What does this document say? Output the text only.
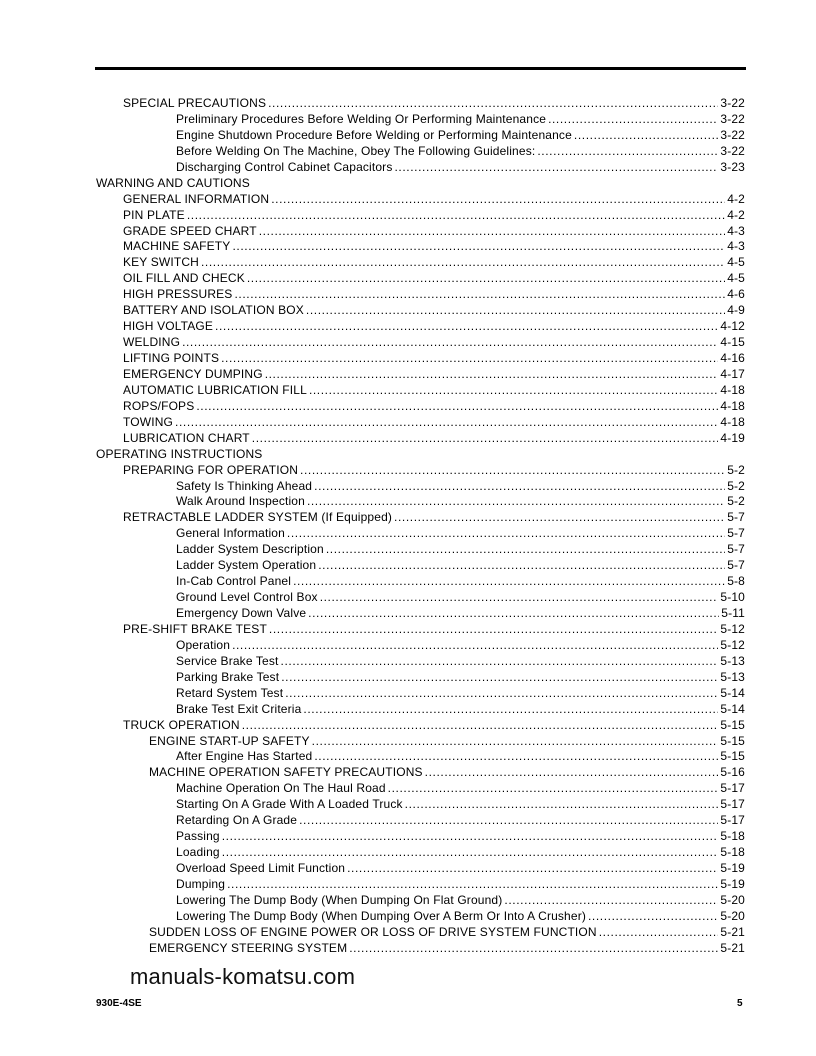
SPECIAL PRECAUTIONS .....	3-22
Preliminary Procedures Before Welding Or Performing Maintenance .....	3-22
Engine Shutdown Procedure Before Welding or Performing Maintenance .....	3-22
Before Welding On The Machine, Obey The Following Guidelines: .....	3-22
Discharging Control Cabinet Capacitors .....	3-23
WARNING AND CAUTIONS
GENERAL INFORMATION .....	4-2
PIN PLATE .....	4-2
GRADE SPEED CHART .....	4-3
MACHINE SAFETY .....	4-3
KEY SWITCH .....	4-5
OIL FILL AND CHECK .....	4-5
HIGH PRESSURES .....	4-6
BATTERY AND ISOLATION BOX .....	4-9
HIGH VOLTAGE .....	4-12
WELDING .....	4-15
LIFTING POINTS .....	4-16
EMERGENCY DUMPING .....	4-17
AUTOMATIC LUBRICATION FILL .....	4-18
ROPS/FOPS .....	4-18
TOWING .....	4-18
LUBRICATION CHART .....	4-19
OPERATING INSTRUCTIONS
PREPARING FOR OPERATION .....	5-2
Safety Is Thinking Ahead .....	5-2
Walk Around Inspection .....	5-2
RETRACTABLE LADDER SYSTEM (If Equipped) .....	5-7
General Information .....	5-7
Ladder System Description .....	5-7
Ladder System Operation .....	5-7
In-Cab Control Panel .....	5-8
Ground Level Control Box .....	5-10
Emergency Down Valve .....	5-11
PRE-SHIFT BRAKE TEST .....	5-12
Operation .....	5-12
Service Brake Test .....	5-13
Parking Brake Test .....	5-13
Retard System Test .....	5-14
Brake Test Exit Criteria .....	5-14
TRUCK OPERATION .....	5-15
ENGINE START-UP SAFETY .....	5-15
After Engine Has Started .....	5-15
MACHINE OPERATION SAFETY PRECAUTIONS .....	5-16
Machine Operation On The Haul Road .....	5-17
Starting On A Grade With A Loaded Truck .....	5-17
Retarding On A Grade .....	5-17
Passing .....	5-18
Loading .....	5-18
Overload Speed Limit Function .....	5-19
Dumping .....	5-19
Lowering The Dump Body (When Dumping On Flat Ground) .....	5-20
Lowering The Dump Body (When Dumping Over A Berm Or Into A Crusher) .....	5-20
SUDDEN LOSS OF ENGINE POWER OR LOSS OF DRIVE SYSTEM FUNCTION .....	5-21
EMERGENCY STEERING SYSTEM .....	5-21
manuals-komatsu.com
930E-4SE	5
